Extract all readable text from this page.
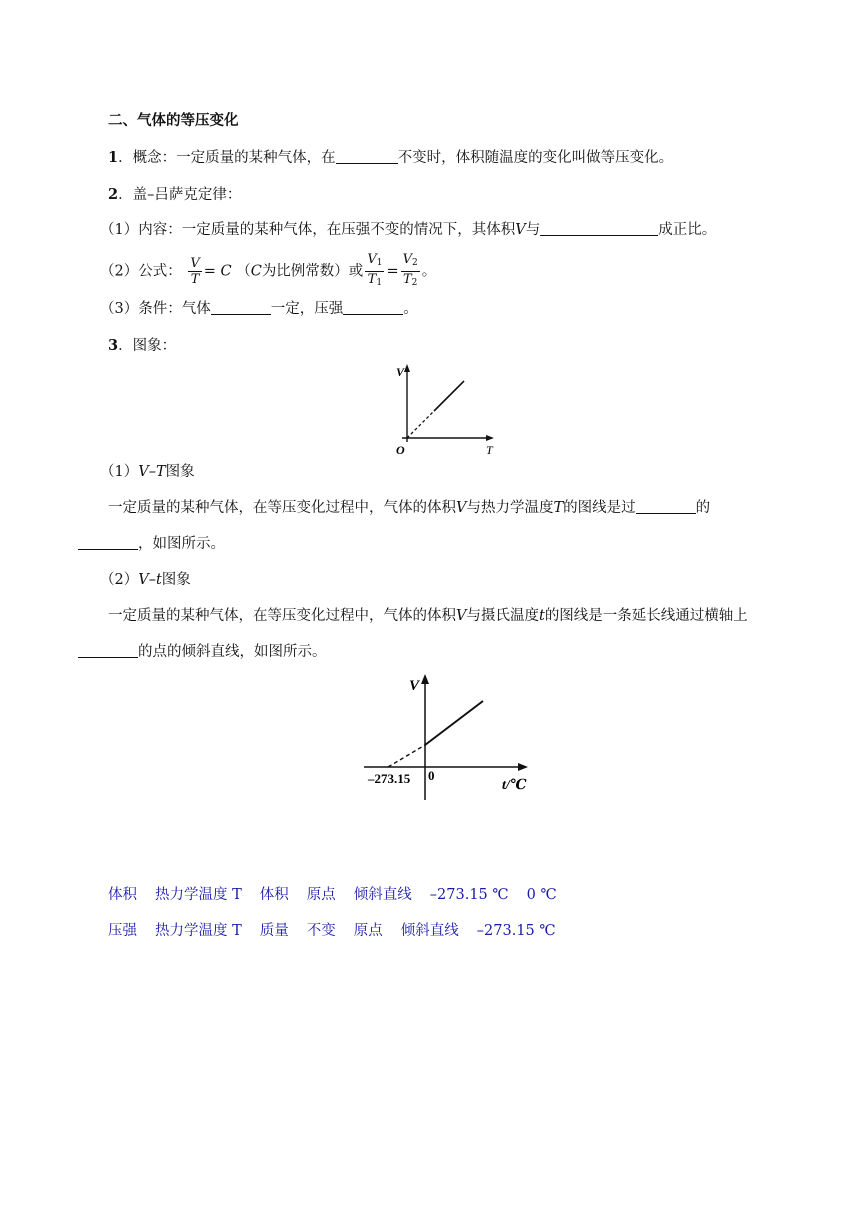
二、气体的等压变化
1．概念：一定质量的某种气体，在	不变时，体积随温度的变化叫做等压变化。
2．盖–吕萨克定律：
（1）内容：一定质量的某种气体，在压强不变的情况下，其体积V与	成正比。
（2）公式： $\frac{V}{T} = C$ （C为比例常数）或 $\frac{V_1}{T_1} = \frac{V_2}{T_2}$ 。
（3）条件：气体	一定，压强	。
3．图象：
V
T
O
（1）V–T图象
一定质量的某种气体，在等压变化过程中，气体的体积V与热力学温度T的图线是过	的
，如图所示。
（2）V–t图象
一定质量的某种气体，在等压变化过程中，气体的体积V与摄氏温度t的图线是一条延长线通过横轴上
的点的倾斜直线，如图所示。
V
t/℃
–273.15 0
体积 热力学温度 T 体积 原点 倾斜直线 –273.15 ℃ 0 ℃
压强 热力学温度 T 质量 不变 原点 倾斜直线 –273.15 ℃
